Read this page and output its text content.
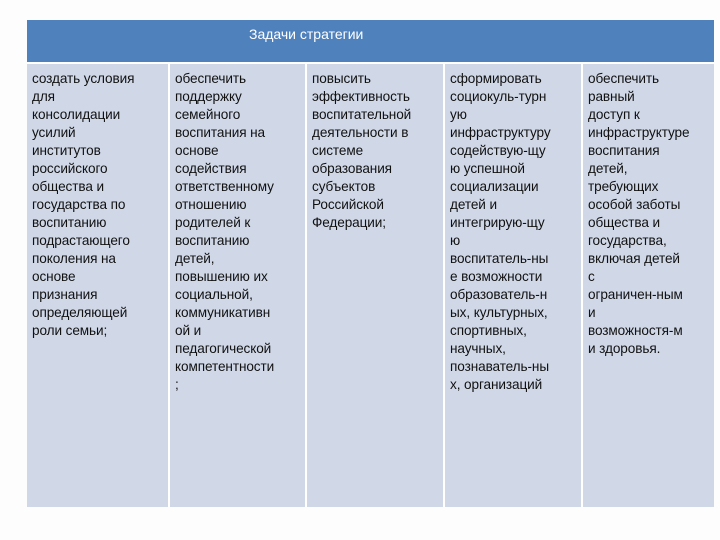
Задачи стратегии
создать условия
для
консолидации
усилий
институтов
российского
общества и
государства по
воспитанию
подрастающего
поколения на
основе
признания
определяющей
роли семьи;
обеспечить
поддержку
семейного
воспитания на
основе
содействия
ответственному
отношению
родителей к
воспитанию
детей,
повышению их
социальной,
коммуникативн
ой и
педагогической
компетентности
;
повысить
эффективность
воспитательной
деятельности в
системе
образования
субъектов
Российской
Федерации;
сформировать
социокуль-турн
ую
инфраструктуру
содействую-щу
ю успешной
социализации
детей и
интегрирую-щу
ю
воспитатель-ны
е возможности
образователь-н
ых, культурных,
спортивных,
научных,
познаватель-ны
х, организаций
обеспечить
равный
доступ к
инфраструктуре
воспитания
детей,
требующих
особой заботы
общества и
государства,
включая детей
с
ограничен-ным
и
возможностя-м
и здоровья.
